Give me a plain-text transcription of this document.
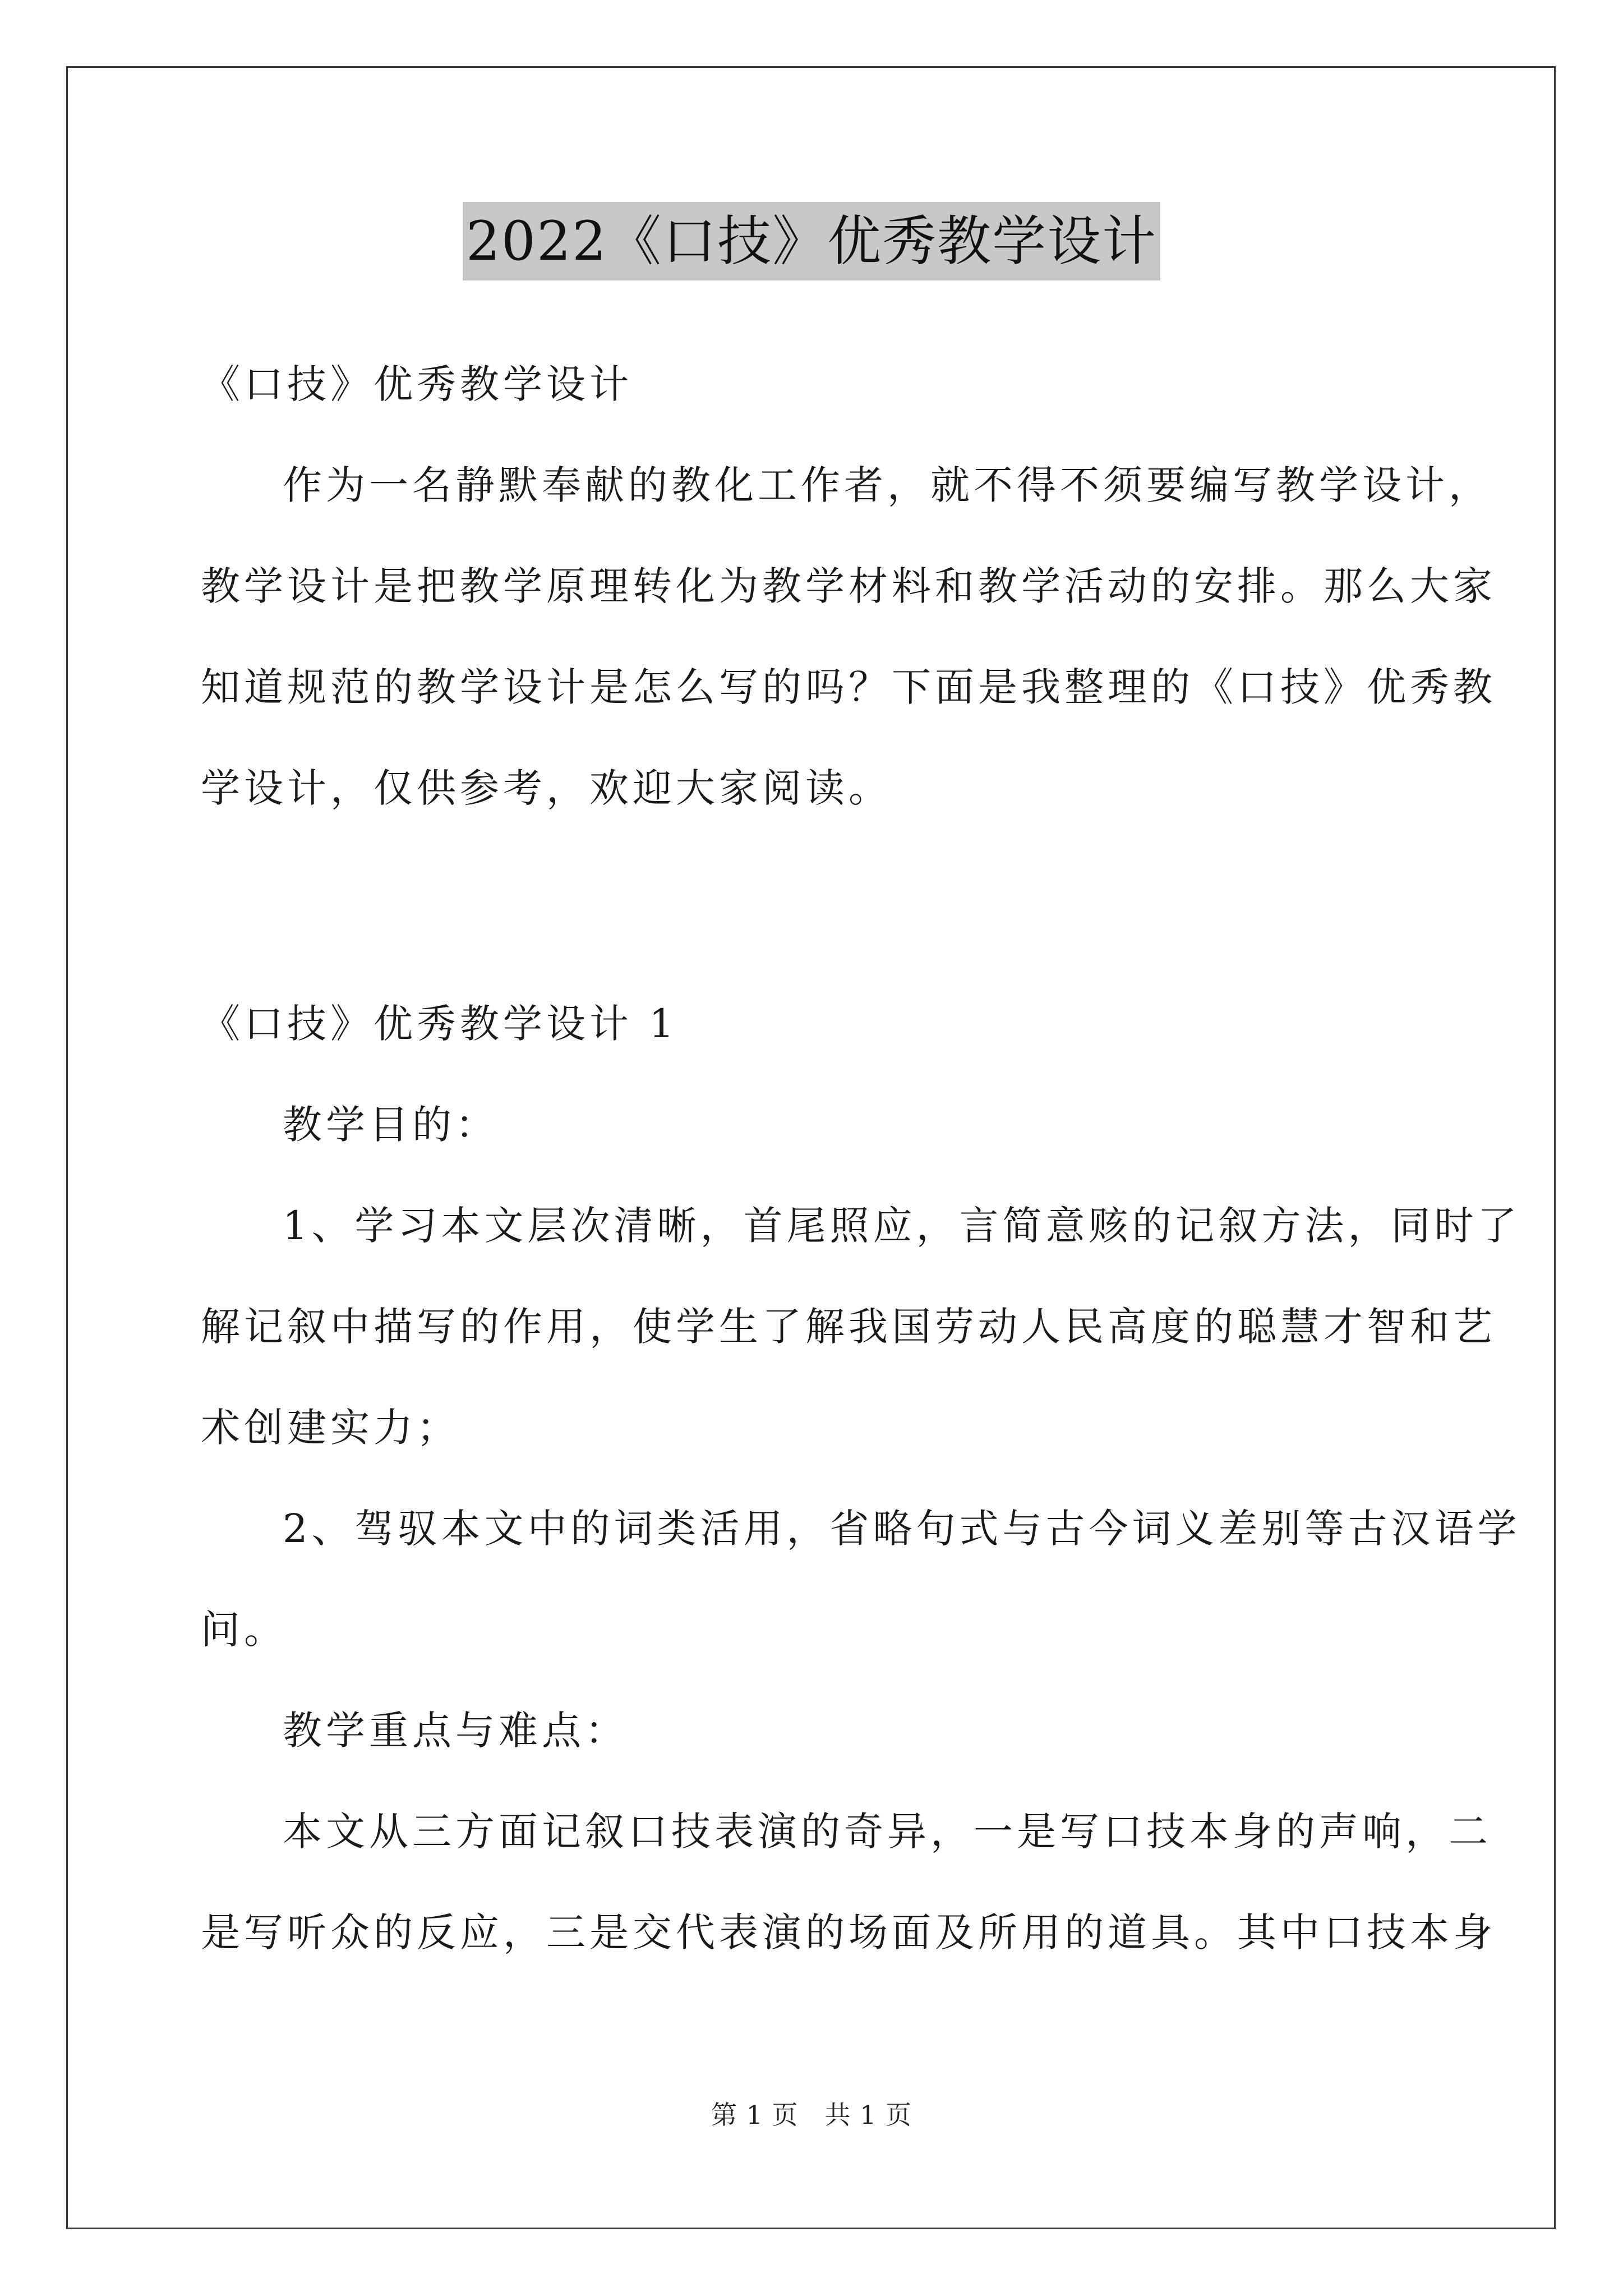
2022《口技》优秀教学设计
《口技》优秀教学设计
作为一名静默奉献的教化工作者，就不得不须要编写教学设计，
教学设计是把教学原理转化为教学材料和教学活动的安排。那么大家
知道规范的教学设计是怎么写的吗？下面是我整理的《口技》优秀教
学设计，仅供参考，欢迎大家阅读。
《口技》优秀教学设计 1
教学目的：
1、学习本文层次清晰，首尾照应，言简意赅的记叙方法，同时了
解记叙中描写的作用，使学生了解我国劳动人民高度的聪慧才智和艺
术创建实力；
2、驾驭本文中的词类活用，省略句式与古今词义差别等古汉语学
问。
教学重点与难点：
本文从三方面记叙口技表演的奇异，一是写口技本身的声响，二
是写听众的反应，三是交代表演的场面及所用的道具。其中口技本身
第 1 页　共 1 页
